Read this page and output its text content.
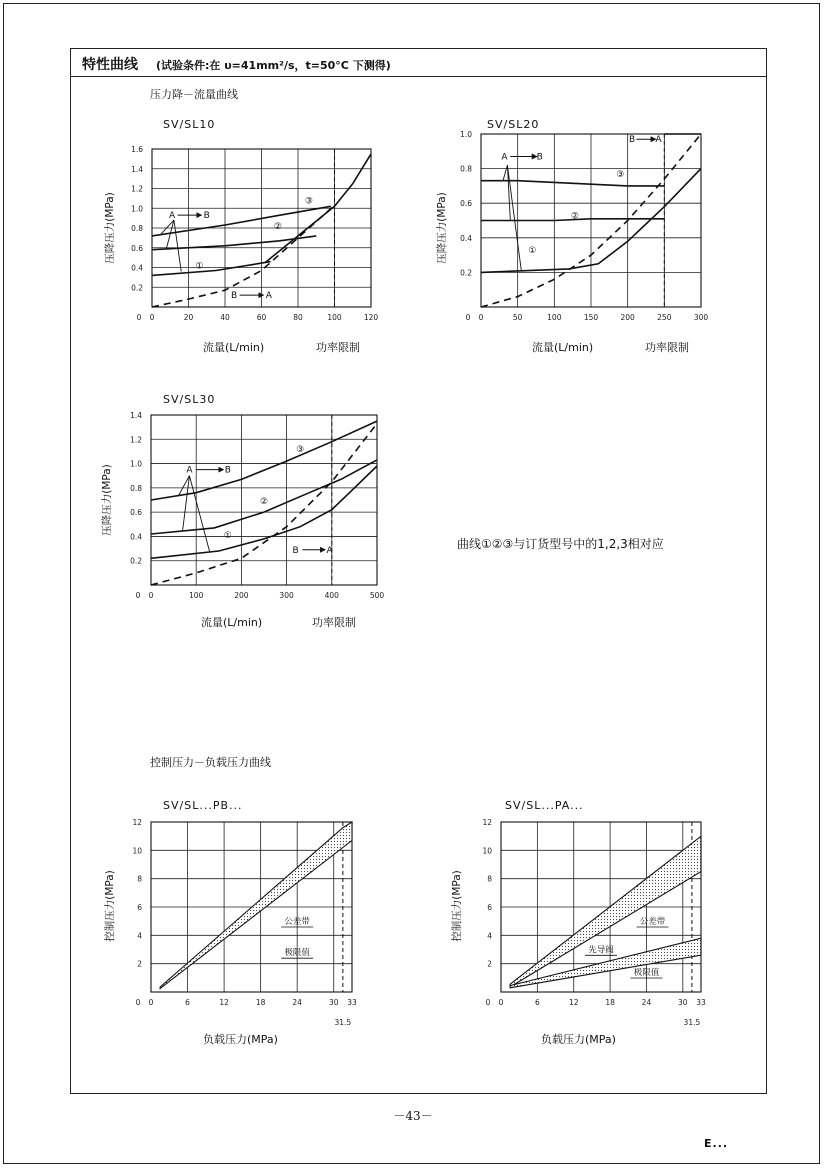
特性曲线 (试验条件:在 υ=41mm²/s，t=50°C 下测得)
压力降－流量曲线
控制压力－负载压力曲线
曲线①②③与订货型号中的1,2,3相对应
SV/SL10	SV/SL20
SV/SL30
SV/SL...PB...	SV/SL...PA...
流量(L/min)	功率限制	流量(L/min)	功率限制
流量(L/min)	功率限制
负载压力(MPa)	负载压力(MPa)
0	20	40	60	80	100	120
0
0.2
0.4
0.6
0.8
1.0
1.2
1.4
1.6
压降压力(MPa)	③
②
①
A	B
B	A
0	50	100	150	200	250	300
0
0.2
0.4
0.6
0.8
1.0
压降压力(MPa)
③
②
①
A	B
B A
0	100	200	300	400	500
0
0.2
0.4
0.6
0.8
1.0
1.2
1.4
压降压力(MPa)
③
②
①
A	B
B	A
0	6	12	18	24	30 33
0
2
4
6
8
10
12
控制压力(MPa)
31.5
公差带
极限值
0	6	12	18	24	30 33
0
2
4
6
8
10
12
控制压力(MPa)
31.5
公差带
先导阀
极限值
－43－
E...
